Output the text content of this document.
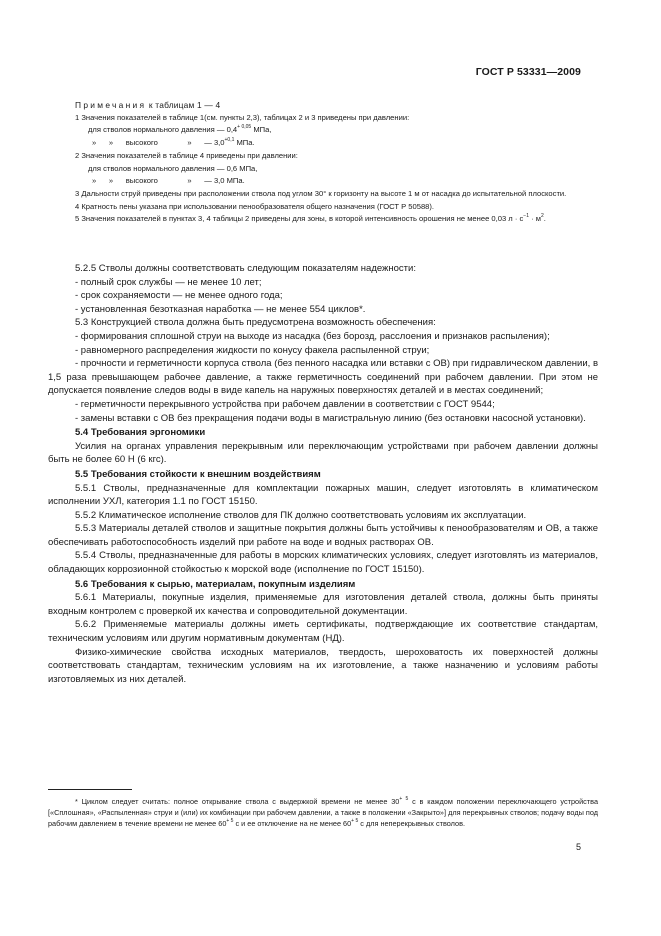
ГОСТ Р 53331—2009

Примечания к таблицам 1 — 4

1 Значения показателей в таблице 1(см. пункты 2,3), таблицах 2 и 3 приведены при давлении:

для стволов нормального давления — $0,4^{+ 0,05}$ МПа,

»      »      высокого              »      — $3,0^{+0,1}$ МПа.

2 Значения показателей в таблице 4 приведены при давлении:

для стволов нормального давления — 0,6 МПа,

»      »      высокого              »      — 3,0 МПа.

3 Дальности струй приведены при расположении ствола под углом 30° к горизонту на высоте 1 м от насадка до испытательной плоскости.

4 Кратность пены указана при использовании пенообразователя общего назначения (ГОСТ Р 50588).

5 Значения показателей в пунктах 3, 4 таблицы 2 приведены для зоны, в которой интенсивность орошения не менее 0,03 $л \cdot с^{-1} \cdot м^2$.

5.2.5 Стволы должны соответствовать следующим показателям надежности:

- полный срок службы — не менее 10 лет;

- срок сохраняемости — не менее одного года;

- установленная безотказная наработка — не менее 554 циклов*.

5.3 Конструкцией ствола должна быть предусмотрена возможность обеспечения:

- формирования сплошной струи на выходе из насадка (без борозд, расслоения и признаков распыления);

- равномерного распределения жидкости по конусу факела распыленной струи;

- прочности и герметичности корпуса ствола (без пенного насадка или вставки с ОВ) при гидравлическом давлении, в 1,5 раза превышающем рабочее давление, а также герметичность соединений при рабочем давлении. При этом не допускается появление следов воды в виде капель на наружных поверхностях деталей и в местах соединений;

- герметичности перекрывного устройства при рабочем давлении в соответствии с ГОСТ 9544;

- замены вставки с ОВ без прекращения подачи воды в магистральную линию (без остановки насосной установки).

5.4 Требования эргономики

Усилия на органах управления перекрывным или переключающим устройствами при рабочем давлении должны быть не более 60 Н (6 кгс).

5.5 Требования стойкости к внешним воздействиям

5.5.1 Стволы, предназначенные для комплектации пожарных машин, следует изготовлять в климатическом исполнении УХЛ, категория 1.1 по ГОСТ 15150.

5.5.2 Климатическое исполнение стволов для ПК должно соответствовать условиям их эксплуатации.

5.5.3 Материалы деталей стволов и защитные покрытия должны быть устойчивы к пенообразователям и ОВ, а также обеспечивать работоспособность изделий при работе на воде и водных растворах ОВ.

5.5.4 Стволы, предназначенные для работы в морских климатических условиях, следует изготовлять из материалов, обладающих коррозионной стойкостью к морской воде (исполнение по ГОСТ 15150).

5.6 Требования к сырью, материалам, покупным изделиям

5.6.1 Материалы, покупные изделия, применяемые для изготовления деталей ствола, должны быть приняты входным контролем с проверкой их качества и сопроводительной документации.

5.6.2 Применяемые материалы должны иметь сертификаты, подтверждающие их соответствие стандартам, техническим условиям или другим нормативным документам (НД).

Физико-химические свойства исходных материалов, твердость, шероховатость их поверхностей должны соответствовать стандартам, техническим условиям на их изготовление, а также назначению и условиям работы изготовляемых из них деталей.

* Циклом следует считать: полное открывание ствола с выдержкой времени не менее $30^{+ 5}$ с в каждом положении переключающего устройства [«Сплошная», «Распыленная» струи и (или) их комбинации при рабочем давлении, а также в положении «Закрыто»] для перекрывных стволов; подачу воды под рабочим давлением в течение времени не менее $60^{+ 5}$ с и ее отключение на не менее $60^{+ 5}$ с для неперекрывных стволов.

5
